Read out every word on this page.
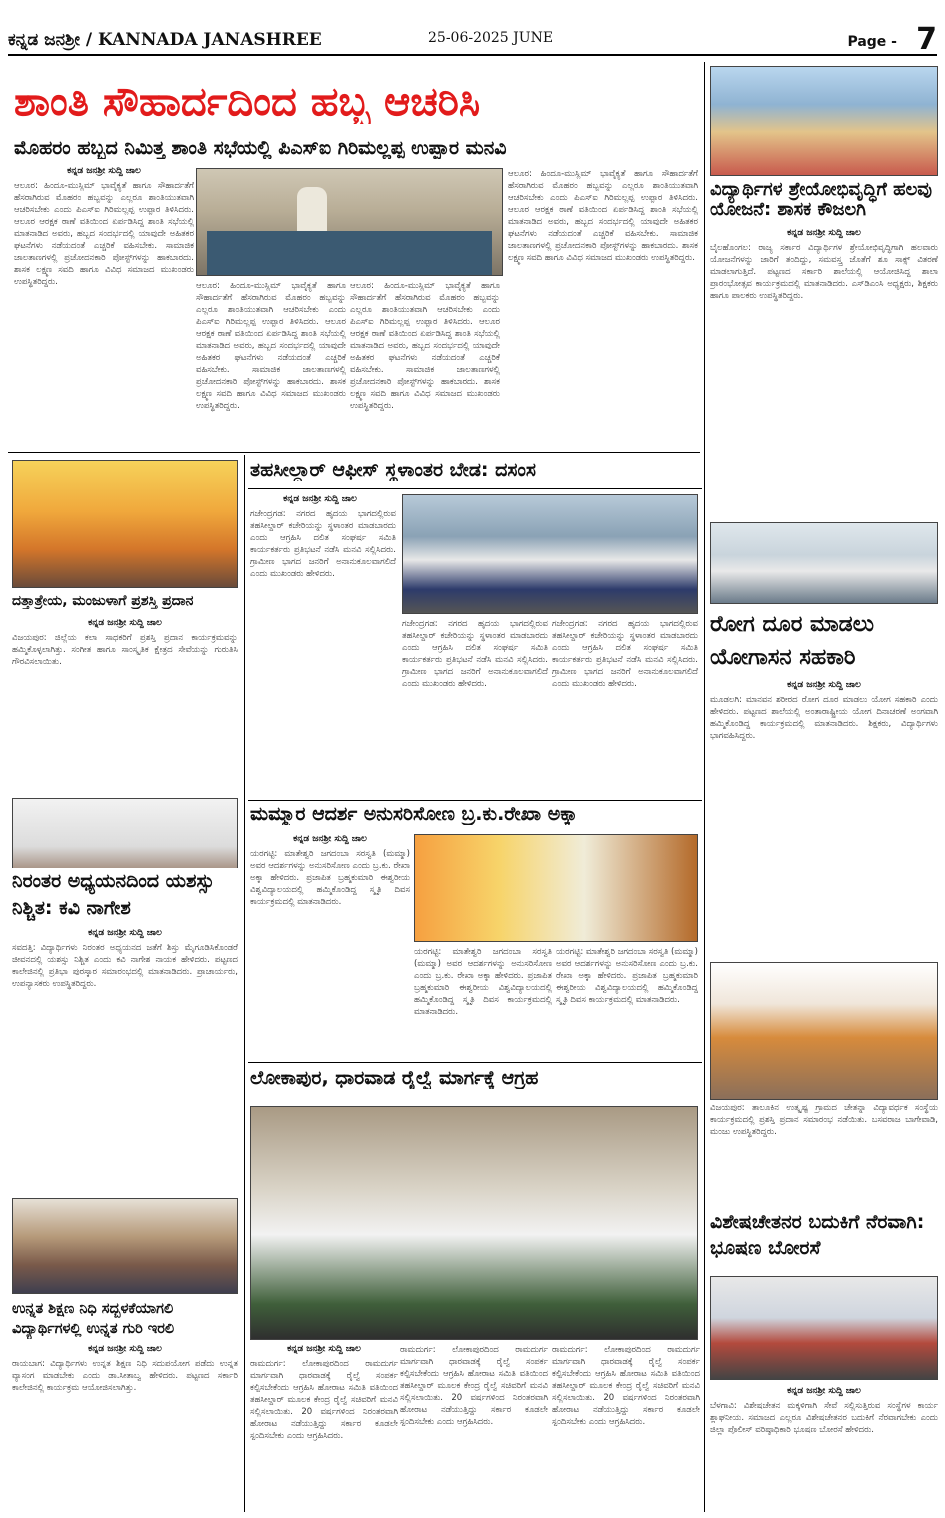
ಕನ್ನಡ ಜನಶ್ರೀ / KANNADA JANASHREE	25-06-2025 JUNE	Page - 7
ಶಾಂತಿ ಸೌಹಾರ್ದದಿಂದ ಹಬ್ಬ ಆಚರಿಸಿ
ಮೊಹರಂ ಹಬ್ಬದ ನಿಮಿತ್ತ ಶಾಂತಿ ಸಭೆಯಲ್ಲಿ ಪಿಎಸ್ಐ ಗಿರಿಮಲ್ಲಪ್ಪ ಉಪ್ಪಾರ ಮನವಿ
ಕನ್ನಡ ಜನಶ್ರೀ ಸುದ್ದಿ ಜಾಲ
ಆಲೂರ: ಹಿಂದೂ-ಮುಸ್ಲಿಮ್ ಭಾವೈಕ್ಯತೆ ಹಾಗೂ ಸೌಹಾರ್ದತೆಗೆ ಹೆಸರಾಗಿರುವ ಮೊಹರಂ ಹಬ್ಬವನ್ನು ಎಲ್ಲರೂ ಶಾಂತಿಯುತವಾಗಿ ಆಚರಿಸಬೇಕು ಎಂದು ಪಿಎಸ್ಐ ಗಿರಿಮಲ್ಲಪ್ಪ ಉಪ್ಪಾರ ತಿಳಿಸಿದರು. ಆಲೂರ ಆರಕ್ಷಕ ಠಾಣೆ ವತಿಯಿಂದ ಏರ್ಪಡಿಸಿದ್ದ ಶಾಂತಿ ಸಭೆಯಲ್ಲಿ ಮಾತನಾಡಿದ ಅವರು, ಹಬ್ಬದ ಸಂದರ್ಭದಲ್ಲಿ ಯಾವುದೇ ಅಹಿತಕರ ಘಟನೆಗಳು ನಡೆಯದಂತೆ ಎಚ್ಚರಿಕೆ ವಹಿಸಬೇಕು. ಸಾಮಾಜಿಕ ಜಾಲತಾಣಗಳಲ್ಲಿ ಪ್ರಚೋದನಕಾರಿ ಪೋಸ್ಟ್‌ಗಳನ್ನು ಹಾಕಬಾರದು. ಶಾಸಕ ಲಕ್ಷ್ಮಣ ಸವದಿ ಹಾಗೂ ವಿವಿಧ ಸಮಾಜದ ಮುಖಂಡರು ಉಪಸ್ಥಿತರಿದ್ದರು.	ಆಲೂರ: ಹಿಂದೂ-ಮುಸ್ಲಿಮ್ ಭಾವೈಕ್ಯತೆ ಹಾಗೂ ಸೌಹಾರ್ದತೆಗೆ ಹೆಸರಾಗಿರುವ ಮೊಹರಂ ಹಬ್ಬವನ್ನು ಎಲ್ಲರೂ ಶಾಂತಿಯುತವಾಗಿ ಆಚರಿಸಬೇಕು ಎಂದು ಪಿಎಸ್ಐ ಗಿರಿಮಲ್ಲಪ್ಪ ಉಪ್ಪಾರ ತಿಳಿಸಿದರು. ಆಲೂರ ಆರಕ್ಷಕ ಠಾಣೆ ವತಿಯಿಂದ ಏರ್ಪಡಿಸಿದ್ದ ಶಾಂತಿ ಸಭೆಯಲ್ಲಿ ಮಾತನಾಡಿದ ಅವರು, ಹಬ್ಬದ ಸಂದರ್ಭದಲ್ಲಿ ಯಾವುದೇ ಅಹಿತಕರ ಘಟನೆಗಳು ನಡೆಯದಂತೆ ಎಚ್ಚರಿಕೆ ವಹಿಸಬೇಕು. ಸಾಮಾಜಿಕ ಜಾಲತಾಣಗಳಲ್ಲಿ ಪ್ರಚೋದನಕಾರಿ ಪೋಸ್ಟ್‌ಗಳನ್ನು ಹಾಕಬಾರದು. ಶಾಸಕ ಲಕ್ಷ್ಮಣ ಸವದಿ ಹಾಗೂ ವಿವಿಧ ಸಮಾಜದ ಮುಖಂಡರು ಉಪಸ್ಥಿತರಿದ್ದರು.
ಆಲೂರ: ಹಿಂದೂ-ಮುಸ್ಲಿಮ್ ಭಾವೈಕ್ಯತೆ ಹಾಗೂ ಸೌಹಾರ್ದತೆಗೆ ಹೆಸರಾಗಿರುವ ಮೊಹರಂ ಹಬ್ಬವನ್ನು ಎಲ್ಲರೂ ಶಾಂತಿಯುತವಾಗಿ ಆಚರಿಸಬೇಕು ಎಂದು ಪಿಎಸ್ಐ ಗಿರಿಮಲ್ಲಪ್ಪ ಉಪ್ಪಾರ ತಿಳಿಸಿದರು. ಆಲೂರ ಆರಕ್ಷಕ ಠಾಣೆ ವತಿಯಿಂದ ಏರ್ಪಡಿಸಿದ್ದ ಶಾಂತಿ ಸಭೆಯಲ್ಲಿ ಮಾತನಾಡಿದ ಅವರು, ಹಬ್ಬದ ಸಂದರ್ಭದಲ್ಲಿ ಯಾವುದೇ ಅಹಿತಕರ ಘಟನೆಗಳು ನಡೆಯದಂತೆ ಎಚ್ಚರಿಕೆ ವಹಿಸಬೇಕು. ಸಾಮಾಜಿಕ ಜಾಲತಾಣಗಳಲ್ಲಿ ಪ್ರಚೋದನಕಾರಿ ಪೋಸ್ಟ್‌ಗಳನ್ನು ಹಾಕಬಾರದು. ಶಾಸಕ ಲಕ್ಷ್ಮಣ ಸವದಿ ಹಾಗೂ ವಿವಿಧ ಸಮಾಜದ ಮುಖಂಡರು ಉಪಸ್ಥಿತರಿದ್ದರು.
ಆಲೂರ: ಹಿಂದೂ-ಮುಸ್ಲಿಮ್ ಭಾವೈಕ್ಯತೆ ಹಾಗೂ ಸೌಹಾರ್ದತೆಗೆ ಹೆಸರಾಗಿರುವ ಮೊಹರಂ ಹಬ್ಬವನ್ನು ಎಲ್ಲರೂ ಶಾಂತಿಯುತವಾಗಿ ಆಚರಿಸಬೇಕು ಎಂದು ಪಿಎಸ್ಐ ಗಿರಿಮಲ್ಲಪ್ಪ ಉಪ್ಪಾರ ತಿಳಿಸಿದರು. ಆಲೂರ ಆರಕ್ಷಕ ಠಾಣೆ ವತಿಯಿಂದ ಏರ್ಪಡಿಸಿದ್ದ ಶಾಂತಿ ಸಭೆಯಲ್ಲಿ ಮಾತನಾಡಿದ ಅವರು, ಹಬ್ಬದ ಸಂದರ್ಭದಲ್ಲಿ ಯಾವುದೇ ಅಹಿತಕರ ಘಟನೆಗಳು ನಡೆಯದಂತೆ ಎಚ್ಚರಿಕೆ ವಹಿಸಬೇಕು. ಸಾಮಾಜಿಕ ಜಾಲತಾಣಗಳಲ್ಲಿ ಪ್ರಚೋದನಕಾರಿ ಪೋಸ್ಟ್‌ಗಳನ್ನು ಹಾಕಬಾರದು. ಶಾಸಕ ಲಕ್ಷ್ಮಣ ಸವದಿ ಹಾಗೂ ವಿವಿಧ ಸಮಾಜದ ಮುಖಂಡರು ಉಪಸ್ಥಿತರಿದ್ದರು.
ವಿದ್ಯಾರ್ಥಿಗಳ ಶ್ರೇಯೋಭಿವೃದ್ಧಿಗೆ ಹಲವು ಯೋಜನೆ: ಶಾಸಕ ಕೌಜಲಗಿ
ಕನ್ನಡ ಜನಶ್ರೀ ಸುದ್ದಿ ಜಾಲ
ಬೈಲಹೊಂಗಲ: ರಾಜ್ಯ ಸರ್ಕಾರ ವಿದ್ಯಾರ್ಥಿಗಳ ಶ್ರೇಯೋಭಿವೃದ್ಧಿಗಾಗಿ ಹಲವಾರು ಯೋಜನೆಗಳನ್ನು ಜಾರಿಗೆ ತಂದಿದ್ದು, ಸಮವಸ್ತ್ರ ಜೊತೆಗೆ ಶೂ ಸಾಕ್ಸ್ ವಿತರಣೆ ಮಾಡಲಾಗುತ್ತಿದೆ. ಪಟ್ಟಣದ ಸರ್ಕಾರಿ ಶಾಲೆಯಲ್ಲಿ ಆಯೋಜಿಸಿದ್ದ ಶಾಲಾ ಪ್ರಾರಂಭೋತ್ಸವ ಕಾರ್ಯಕ್ರಮದಲ್ಲಿ ಮಾತನಾಡಿದರು. ಎಸ್‌ಡಿಎಂಸಿ ಅಧ್ಯಕ್ಷರು, ಶಿಕ್ಷಕರು ಹಾಗೂ ಪಾಲಕರು ಉಪಸ್ಥಿತರಿದ್ದರು.
ರೋಗ ದೂರ ಮಾಡಲು ಯೋಗಾಸನ ಸಹಕಾರಿ
ಕನ್ನಡ ಜನಶ್ರೀ ಸುದ್ದಿ ಜಾಲ
ಮೂಡಲಗಿ: ಮಾನವನ ಶರೀರದ ರೋಗ ದೂರ ಮಾಡಲು ಯೋಗ ಸಹಕಾರಿ ಎಂದು ಹೇಳಿದರು. ಪಟ್ಟಣದ ಶಾಲೆಯಲ್ಲಿ ಅಂತಾರಾಷ್ಟ್ರೀಯ ಯೋಗ ದಿನಾಚರಣೆ ಅಂಗವಾಗಿ ಹಮ್ಮಿಕೊಂಡಿದ್ದ ಕಾರ್ಯಕ್ರಮದಲ್ಲಿ ಮಾತನಾಡಿದರು. ಶಿಕ್ಷಕರು, ವಿದ್ಯಾರ್ಥಿಗಳು ಭಾಗವಹಿಸಿದ್ದರು.
ವಿಜಯಪುರ: ತಾಲೂಕಿನ ಉತ್ಕೃಷ್ಟ ಗ್ರಾಮದ ಚೇತನ್ನಾ ವಿದ್ಯಾವರ್ಧಕ ಸಂಸ್ಥೆಯ ಕಾರ್ಯಕ್ರಮದಲ್ಲಿ ಪ್ರಶಸ್ತಿ ಪ್ರದಾನ ಸಮಾರಂಭ ನಡೆಯಿತು. ಬಸವರಾಜ ಬಾಗೇವಾಡಿ, ಮಂಜು ಉಪಸ್ಥಿತರಿದ್ದರು.
ವಿಶೇಷಚೇತನರ ಬದುಕಿಗೆ ನೆರವಾಗಿ: ಭೂಷಣ ಬೋರಸೆ
ಕನ್ನಡ ಜನಶ್ರೀ ಸುದ್ದಿ ಜಾಲ
ಬೆಳಗಾವಿ: ವಿಶೇಷಚೇತನ ಮಕ್ಕಳಿಗಾಗಿ ಸೇವೆ ಸಲ್ಲಿಸುತ್ತಿರುವ ಸಂಸ್ಥೆಗಳ ಕಾರ್ಯ ಶ್ಲಾಘನೀಯ. ಸಮಾಜದ ಎಲ್ಲರೂ ವಿಶೇಷಚೇತನರ ಬದುಕಿಗೆ ನೆರವಾಗಬೇಕು ಎಂದು ಜಿಲ್ಲಾ ಪೊಲೀಸ್ ವರಿಷ್ಠಾಧಿಕಾರಿ ಭೂಷಣ ಬೋರಸೆ ಹೇಳಿದರು.
ದತ್ತಾತ್ರೇಯ, ಮಂಜುಳಾಗೆ ಪ್ರಶಸ್ತಿ ಪ್ರದಾನ
ಕನ್ನಡ ಜನಶ್ರೀ ಸುದ್ದಿ ಜಾಲ
ವಿಜಯಪುರ: ಜಿಲ್ಲೆಯ ಕಲಾ ಸಾಧಕರಿಗೆ ಪ್ರಶಸ್ತಿ ಪ್ರದಾನ ಕಾರ್ಯಕ್ರಮವನ್ನು ಹಮ್ಮಿಕೊಳ್ಳಲಾಗಿತ್ತು. ಸಂಗೀತ ಹಾಗೂ ಸಾಂಸ್ಕೃತಿಕ ಕ್ಷೇತ್ರದ ಸೇವೆಯನ್ನು ಗುರುತಿಸಿ ಗೌರವಿಸಲಾಯಿತು.
ನಿರಂತರ ಅಧ್ಯಯನದಿಂದ ಯಶಸ್ಸು ನಿಶ್ಚಿತ: ಕವಿ ನಾಗೇಶ
ಕನ್ನಡ ಜನಶ್ರೀ ಸುದ್ದಿ ಜಾಲ
ಸವದತ್ತಿ: ವಿದ್ಯಾರ್ಥಿಗಳು ನಿರಂತರ ಅಧ್ಯಯನದ ಜತೆಗೆ ಶಿಸ್ತು ಮೈಗೂಡಿಸಿಕೊಂಡರೆ ಜೀವನದಲ್ಲಿ ಯಶಸ್ಸು ನಿಶ್ಚಿತ ಎಂದು ಕವಿ ನಾಗೇಶ ನಾಯಕ ಹೇಳಿದರು. ಪಟ್ಟಣದ ಕಾಲೇಜಿನಲ್ಲಿ ಪ್ರತಿಭಾ ಪುರಸ್ಕಾರ ಸಮಾರಂಭದಲ್ಲಿ ಮಾತನಾಡಿದರು. ಪ್ರಾಚಾರ್ಯರು, ಉಪನ್ಯಾಸಕರು ಉಪಸ್ಥಿತರಿದ್ದರು.
ಉನ್ನತ ಶಿಕ್ಷಣ ನಿಧಿ ಸದ್ಬಳಕೆಯಾಗಲಿ ವಿದ್ಯಾರ್ಥಿಗಳಲ್ಲಿ ಉನ್ನತ ಗುರಿ ಇರಲಿ
ಕನ್ನಡ ಜನಶ್ರೀ ಸುದ್ದಿ ಜಾಲ
ರಾಯಬಾಗ: ವಿದ್ಯಾರ್ಥಿಗಳು ಉನ್ನತ ಶಿಕ್ಷಣ ನಿಧಿ ಸದುಪಯೋಗ ಪಡೆದು ಉನ್ನತ ವ್ಯಾಸಂಗ ಮಾಡಬೇಕು ಎಂದು ಡಾ.ಸೀತಾಬ್ವ ಹೇಳಿದರು. ಪಟ್ಟಣದ ಸರ್ಕಾರಿ ಕಾಲೇಜಿನಲ್ಲಿ ಕಾರ್ಯಕ್ರಮ ಆಯೋಜಿಸಲಾಗಿತ್ತು.
ತಹಸೀಲ್ದಾರ್ ಆಫೀಸ್ ಸ್ಥಳಾಂತರ ಬೇಡ: ದಸಂಸ
ಕನ್ನಡ ಜನಶ್ರೀ ಸುದ್ದಿ ಜಾಲ
ಗಜೇಂದ್ರಗಡ: ನಗರದ ಹೃದಯ ಭಾಗದಲ್ಲಿರುವ ತಹಸೀಲ್ದಾರ್ ಕಚೇರಿಯನ್ನು ಸ್ಥಳಾಂತರ ಮಾಡಬಾರದು ಎಂದು ಆಗ್ರಹಿಸಿ ದಲಿತ ಸಂಘರ್ಷ ಸಮಿತಿ ಕಾರ್ಯಕರ್ತರು ಪ್ರತಿಭಟನೆ ನಡೆಸಿ ಮನವಿ ಸಲ್ಲಿಸಿದರು. ಗ್ರಾಮೀಣ ಭಾಗದ ಜನರಿಗೆ ಅನಾನುಕೂಲವಾಗಲಿದೆ ಎಂದು ಮುಖಂಡರು ಹೇಳಿದರು.
ಗಜೇಂದ್ರಗಡ: ನಗರದ ಹೃದಯ ಭಾಗದಲ್ಲಿರುವ ತಹಸೀಲ್ದಾರ್ ಕಚೇರಿಯನ್ನು ಸ್ಥಳಾಂತರ ಮಾಡಬಾರದು ಎಂದು ಆಗ್ರಹಿಸಿ ದಲಿತ ಸಂಘರ್ಷ ಸಮಿತಿ ಕಾರ್ಯಕರ್ತರು ಪ್ರತಿಭಟನೆ ನಡೆಸಿ ಮನವಿ ಸಲ್ಲಿಸಿದರು. ಗ್ರಾಮೀಣ ಭಾಗದ ಜನರಿಗೆ ಅನಾನುಕೂಲವಾಗಲಿದೆ ಎಂದು ಮುಖಂಡರು ಹೇಳಿದರು.
ಗಜೇಂದ್ರಗಡ: ನಗರದ ಹೃದಯ ಭಾಗದಲ್ಲಿರುವ ತಹಸೀಲ್ದಾರ್ ಕಚೇರಿಯನ್ನು ಸ್ಥಳಾಂತರ ಮಾಡಬಾರದು ಎಂದು ಆಗ್ರಹಿಸಿ ದಲಿತ ಸಂಘರ್ಷ ಸಮಿತಿ ಕಾರ್ಯಕರ್ತರು ಪ್ರತಿಭಟನೆ ನಡೆಸಿ ಮನವಿ ಸಲ್ಲಿಸಿದರು. ಗ್ರಾಮೀಣ ಭಾಗದ ಜನರಿಗೆ ಅನಾನುಕೂಲವಾಗಲಿದೆ ಎಂದು ಮುಖಂಡರು ಹೇಳಿದರು.
ಮಮ್ಮಾರ ಆದರ್ಶ ಅನುಸರಿಸೋಣ ಬ್ರ.ಕು.ರೇಖಾ ಅಕ್ಕಾ
ಕನ್ನಡ ಜನಶ್ರೀ ಸುದ್ದಿ ಜಾಲ
ಯರಗಟ್ಟಿ: ಮಾತೇಶ್ವರಿ ಜಗದಂಬಾ ಸರಸ್ವತಿ (ಮಮ್ಮಾ) ಅವರ ಆದರ್ಶಗಳನ್ನು ಅನುಸರಿಸೋಣ ಎಂದು ಬ್ರ.ಕು. ರೇಖಾ ಅಕ್ಕಾ ಹೇಳಿದರು. ಪ್ರಜಾಪಿತ ಬ್ರಹ್ಮಕುಮಾರಿ ಈಶ್ವರೀಯ ವಿಶ್ವವಿದ್ಯಾಲಯದಲ್ಲಿ ಹಮ್ಮಿಕೊಂಡಿದ್ದ ಸ್ಮೃತಿ ದಿವಸ ಕಾರ್ಯಕ್ರಮದಲ್ಲಿ ಮಾತನಾಡಿದರು.
ಯರಗಟ್ಟಿ: ಮಾತೇಶ್ವರಿ ಜಗದಂಬಾ ಸರಸ್ವತಿ (ಮಮ್ಮಾ) ಅವರ ಆದರ್ಶಗಳನ್ನು ಅನುಸರಿಸೋಣ ಎಂದು ಬ್ರ.ಕು. ರೇಖಾ ಅಕ್ಕಾ ಹೇಳಿದರು. ಪ್ರಜಾಪಿತ ಬ್ರಹ್ಮಕುಮಾರಿ ಈಶ್ವರೀಯ ವಿಶ್ವವಿದ್ಯಾಲಯದಲ್ಲಿ ಹಮ್ಮಿಕೊಂಡಿದ್ದ ಸ್ಮೃತಿ ದಿವಸ ಕಾರ್ಯಕ್ರಮದಲ್ಲಿ ಮಾತನಾಡಿದರು.
ಯರಗಟ್ಟಿ: ಮಾತೇಶ್ವರಿ ಜಗದಂಬಾ ಸರಸ್ವತಿ (ಮಮ್ಮಾ) ಅವರ ಆದರ್ಶಗಳನ್ನು ಅನುಸರಿಸೋಣ ಎಂದು ಬ್ರ.ಕು. ರೇಖಾ ಅಕ್ಕಾ ಹೇಳಿದರು. ಪ್ರಜಾಪಿತ ಬ್ರಹ್ಮಕುಮಾರಿ ಈಶ್ವರೀಯ ವಿಶ್ವವಿದ್ಯಾಲಯದಲ್ಲಿ ಹಮ್ಮಿಕೊಂಡಿದ್ದ ಸ್ಮೃತಿ ದಿವಸ ಕಾರ್ಯಕ್ರಮದಲ್ಲಿ ಮಾತನಾಡಿದರು.
ಲೋಕಾಪುರ, ಧಾರವಾಡ ರೈಲ್ವೆ ಮಾರ್ಗಕ್ಕೆ ಆಗ್ರಹ
ಕನ್ನಡ ಜನಶ್ರೀ ಸುದ್ದಿ ಜಾಲ
ರಾಮದುರ್ಗ: ಲೋಕಾಪುರದಿಂದ ರಾಮದುರ್ಗ ಮಾರ್ಗವಾಗಿ ಧಾರವಾಡಕ್ಕೆ ರೈಲ್ವೆ ಸಂಪರ್ಕ ಕಲ್ಪಿಸಬೇಕೆಂದು ಆಗ್ರಹಿಸಿ ಹೋರಾಟ ಸಮಿತಿ ವತಿಯಿಂದ ತಹಸೀಲ್ದಾರ್ ಮೂಲಕ ಕೇಂದ್ರ ರೈಲ್ವೆ ಸಚಿವರಿಗೆ ಮನವಿ ಸಲ್ಲಿಸಲಾಯಿತು. 20 ವರ್ಷಗಳಿಂದ ನಿರಂತರವಾಗಿ ಹೋರಾಟ ನಡೆಯುತ್ತಿದ್ದು ಸರ್ಕಾರ ಕೂಡಲೇ ಸ್ಪಂದಿಸಬೇಕು ಎಂದು ಆಗ್ರಹಿಸಿದರು.
ರಾಮದುರ್ಗ: ಲೋಕಾಪುರದಿಂದ ರಾಮದುರ್ಗ ಮಾರ್ಗವಾಗಿ ಧಾರವಾಡಕ್ಕೆ ರೈಲ್ವೆ ಸಂಪರ್ಕ ಕಲ್ಪಿಸಬೇಕೆಂದು ಆಗ್ರಹಿಸಿ ಹೋರಾಟ ಸಮಿತಿ ವತಿಯಿಂದ ತಹಸೀಲ್ದಾರ್ ಮೂಲಕ ಕೇಂದ್ರ ರೈಲ್ವೆ ಸಚಿವರಿಗೆ ಮನವಿ ಸಲ್ಲಿಸಲಾಯಿತು. 20 ವರ್ಷಗಳಿಂದ ನಿರಂತರವಾಗಿ ಹೋರಾಟ ನಡೆಯುತ್ತಿದ್ದು ಸರ್ಕಾರ ಕೂಡಲೇ ಸ್ಪಂದಿಸಬೇಕು ಎಂದು ಆಗ್ರಹಿಸಿದರು.
ರಾಮದುರ್ಗ: ಲೋಕಾಪುರದಿಂದ ರಾಮದುರ್ಗ ಮಾರ್ಗವಾಗಿ ಧಾರವಾಡಕ್ಕೆ ರೈಲ್ವೆ ಸಂಪರ್ಕ ಕಲ್ಪಿಸಬೇಕೆಂದು ಆಗ್ರಹಿಸಿ ಹೋರಾಟ ಸಮಿತಿ ವತಿಯಿಂದ ತಹಸೀಲ್ದಾರ್ ಮೂಲಕ ಕೇಂದ್ರ ರೈಲ್ವೆ ಸಚಿವರಿಗೆ ಮನವಿ ಸಲ್ಲಿಸಲಾಯಿತು. 20 ವರ್ಷಗಳಿಂದ ನಿರಂತರವಾಗಿ ಹೋರಾಟ ನಡೆಯುತ್ತಿದ್ದು ಸರ್ಕಾರ ಕೂಡಲೇ ಸ್ಪಂದಿಸಬೇಕು ಎಂದು ಆಗ್ರಹಿಸಿದರು.
